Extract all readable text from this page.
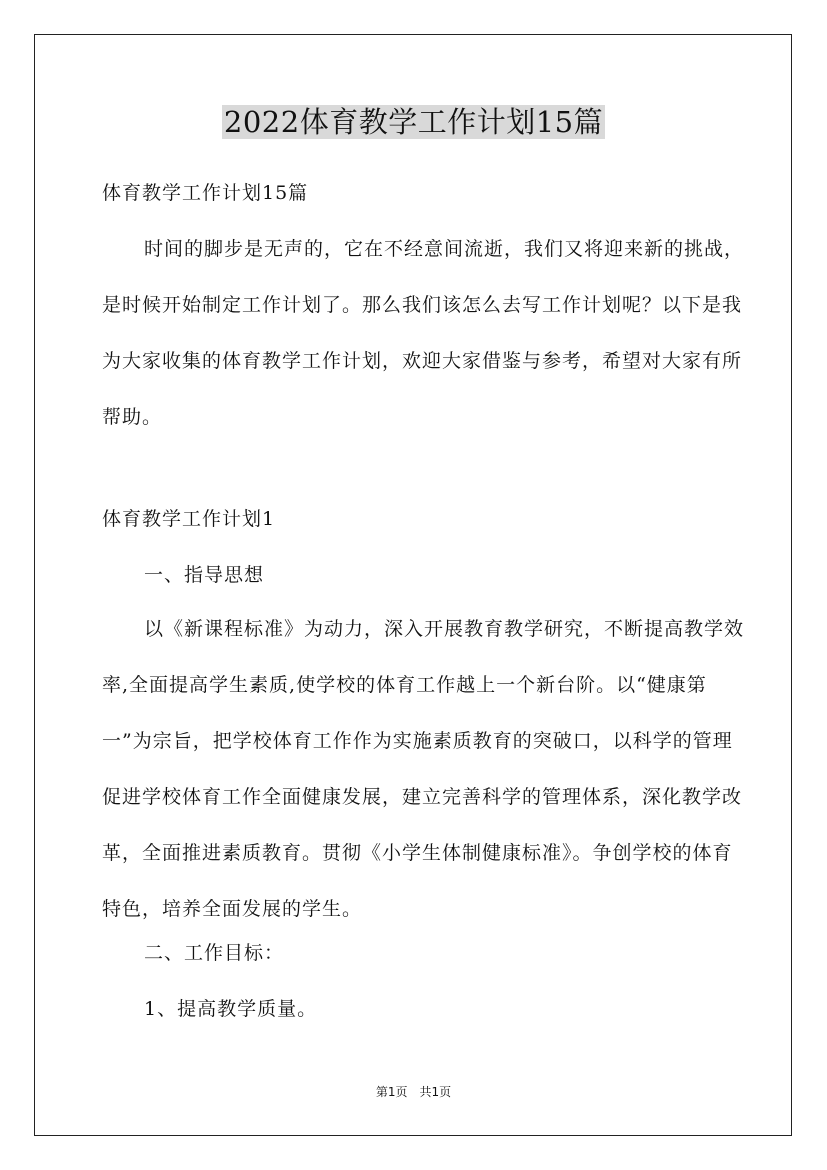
2022体育教学工作计划15篇

体育教学工作计划15篇

时间的脚步是无声的，它在不经意间流逝，我们又将迎来新的挑战，是时候开始制定工作计划了。那么我们该怎么去写工作计划呢？以下是我为大家收集的体育教学工作计划，欢迎大家借鉴与参考，希望对大家有所帮助。

体育教学工作计划1

一、指导思想

以《新课程标准》为动力，深入开展教育教学研究，不断提高教学效率,全面提高学生素质,使学校的体育工作越上一个新台阶。以“健康第一”为宗旨，把学校体育工作作为实施素质教育的突破口，以科学的管理促进学校体育工作全面健康发展，建立完善科学的管理体系，深化教学改革，全面推进素质教育。贯彻《小学生体制健康标准》。争创学校的体育特色，培养全面发展的学生。

二、工作目标：

1、提高教学质量。

第1页　共1页
